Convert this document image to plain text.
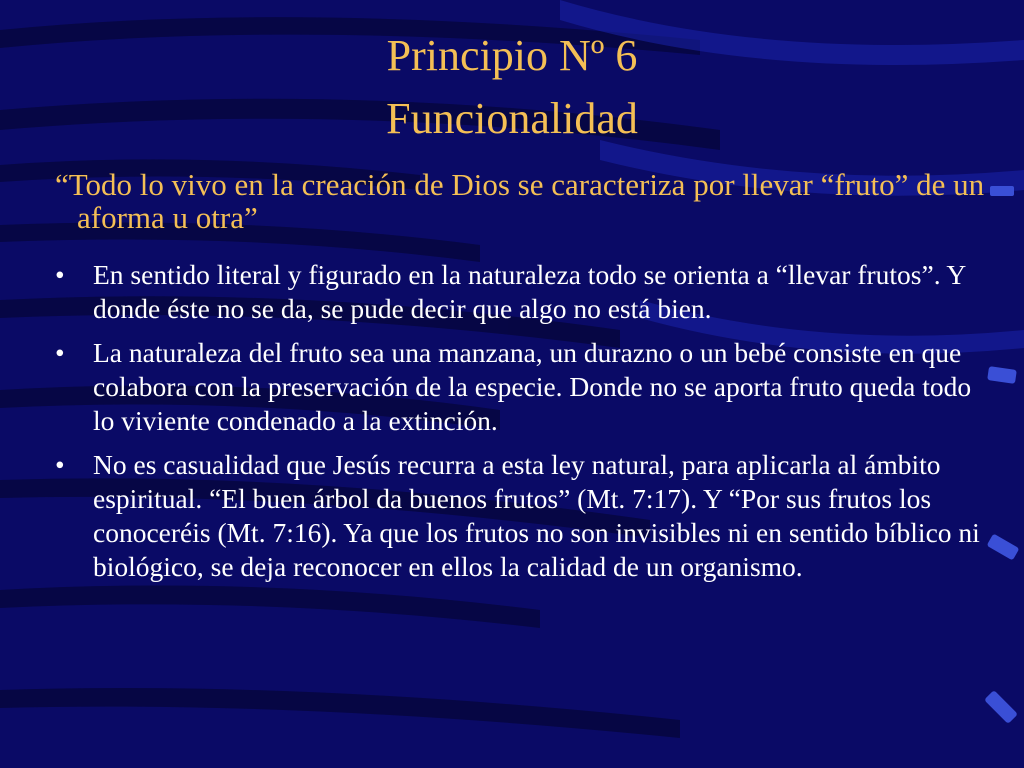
Principio Nº 6
Funcionalidad
“Todo lo vivo en la creación de Dios se caracteriza por llevar “fruto” de un aforma u otra”
• En sentido literal y figurado en la naturaleza todo se orienta a “llevar frutos”. Y donde éste no se da, se pude decir que algo no está bien.
• La naturaleza del fruto sea una manzana, un durazno o un bebé consiste en que colabora con la preservación de la especie. Donde no se aporta fruto queda todo lo viviente condenado a la extinción.
• No es casualidad que Jesús recurra a esta ley natural, para aplicarla al ámbito espiritual. “El buen árbol da buenos frutos” (Mt. 7:17). Y “Por sus frutos los conoceréis (Mt. 7:16). Ya que los frutos no son invisibles ni en sentido bíblico ni biológico, se deja reconocer en ellos la calidad de un organismo.
